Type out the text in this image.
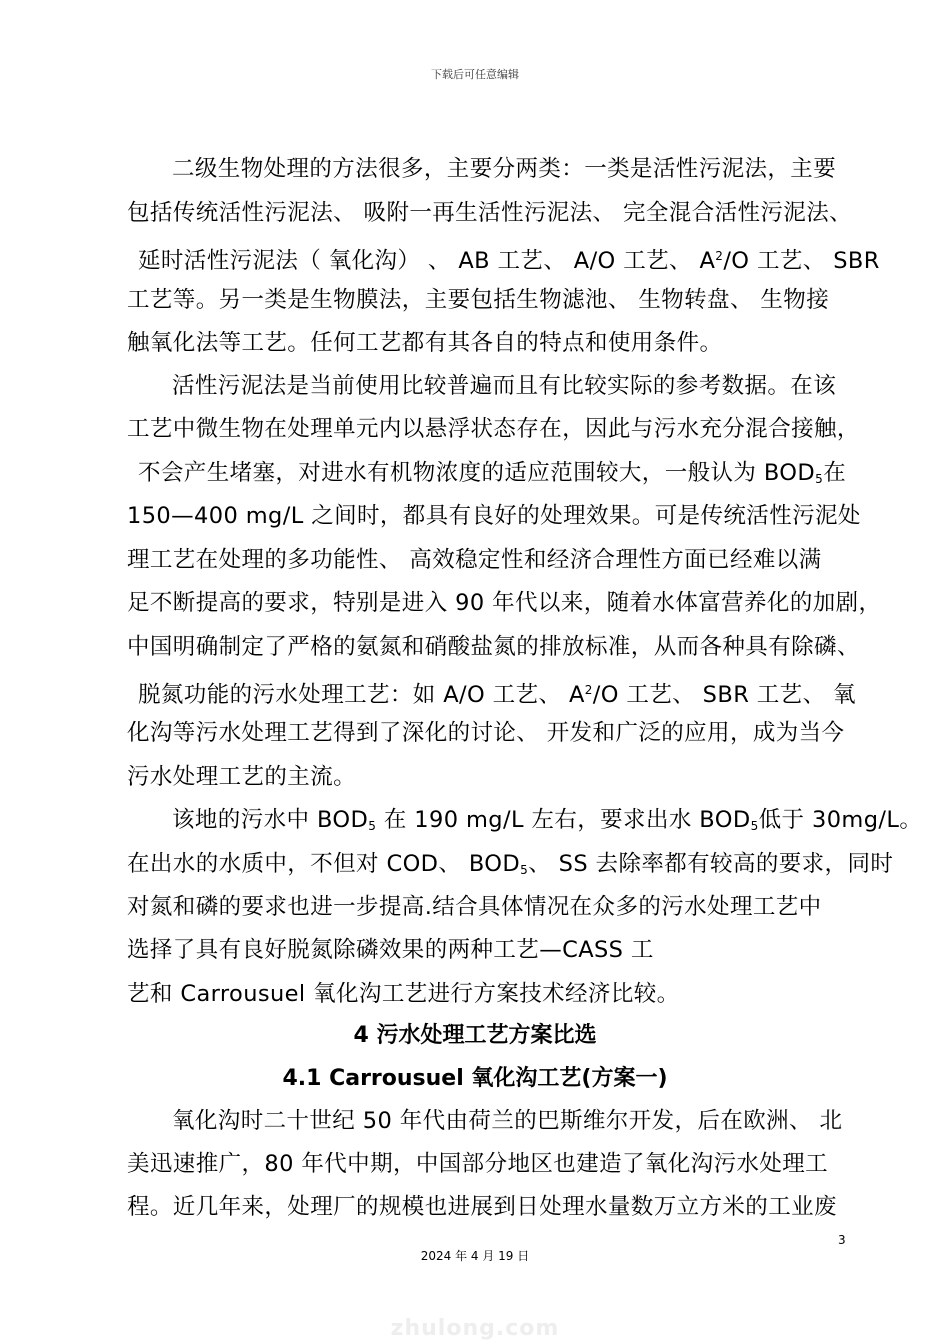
下载后可任意编辑
二级生物处理的方法很多，主要分两类：一类是活性污泥法，主要
包括传统活性污泥法、 吸附一再生活性污泥法、 完全混合活性污泥法、
延时活性污泥法（ 氧化沟） 、 AB 工艺、 A/O 工艺、 $A^2/O$ 工艺、 SBR
工艺等。另一类是生物膜法，主要包括生物滤池、 生物转盘、 生物接
触氧化法等工艺。任何工艺都有其各自的特点和使用条件。
活性污泥法是当前使用比较普遍而且有比较实际的参考数据。在该
工艺中微生物在处理单元内以悬浮状态存在，因此与污水充分混合接触，
不会产生堵塞，对进水有机物浓度的适应范围较大，一般认为 $BOD_5$在
150—400 mg/L 之间时，都具有良好的处理效果。可是传统活性污泥处
理工艺在处理的多功能性、 高效稳定性和经济合理性方面已经难以满
足不断提高的要求，特别是进入 90 年代以来，随着水体富营养化的加剧，
中国明确制定了严格的氨氮和硝酸盐氮的排放标准，从而各种具有除磷、
脱氮功能的污水处理工艺：如 A/O 工艺、 $A^2/O$ 工艺、 SBR 工艺、 氧
化沟等污水处理工艺得到了深化的讨论、 开发和广泛的应用，成为当今
污水处理工艺的主流。
该地的污水中 $BOD_5$ 在 190 mg/L 左右，要求出水 $BOD_5$低于 30mg/L。
在出水的水质中，不但对 COD、 $BOD_5$、 SS 去除率都有较高的要求，同时
对氮和磷的要求也进一步提高.结合具体情况在众多的污水处理工艺中
选择了具有良好脱氮除磷效果的两种工艺—CASS 工
艺和 Carrousuel 氧化沟工艺进行方案技术经济比较。
4 污水处理工艺方案比选
4.1 Carrousuel 氧化沟工艺(方案一)
氧化沟时二十世纪 50 年代由荷兰的巴斯维尔开发，后在欧洲、 北
美迅速推广，80 年代中期，中国部分地区也建造了氧化沟污水处理工
程。近几年来，处理厂的规模也进展到日处理水量数万立方米的工业废
3
2024 年 4 月 19 日
zhulong.com
